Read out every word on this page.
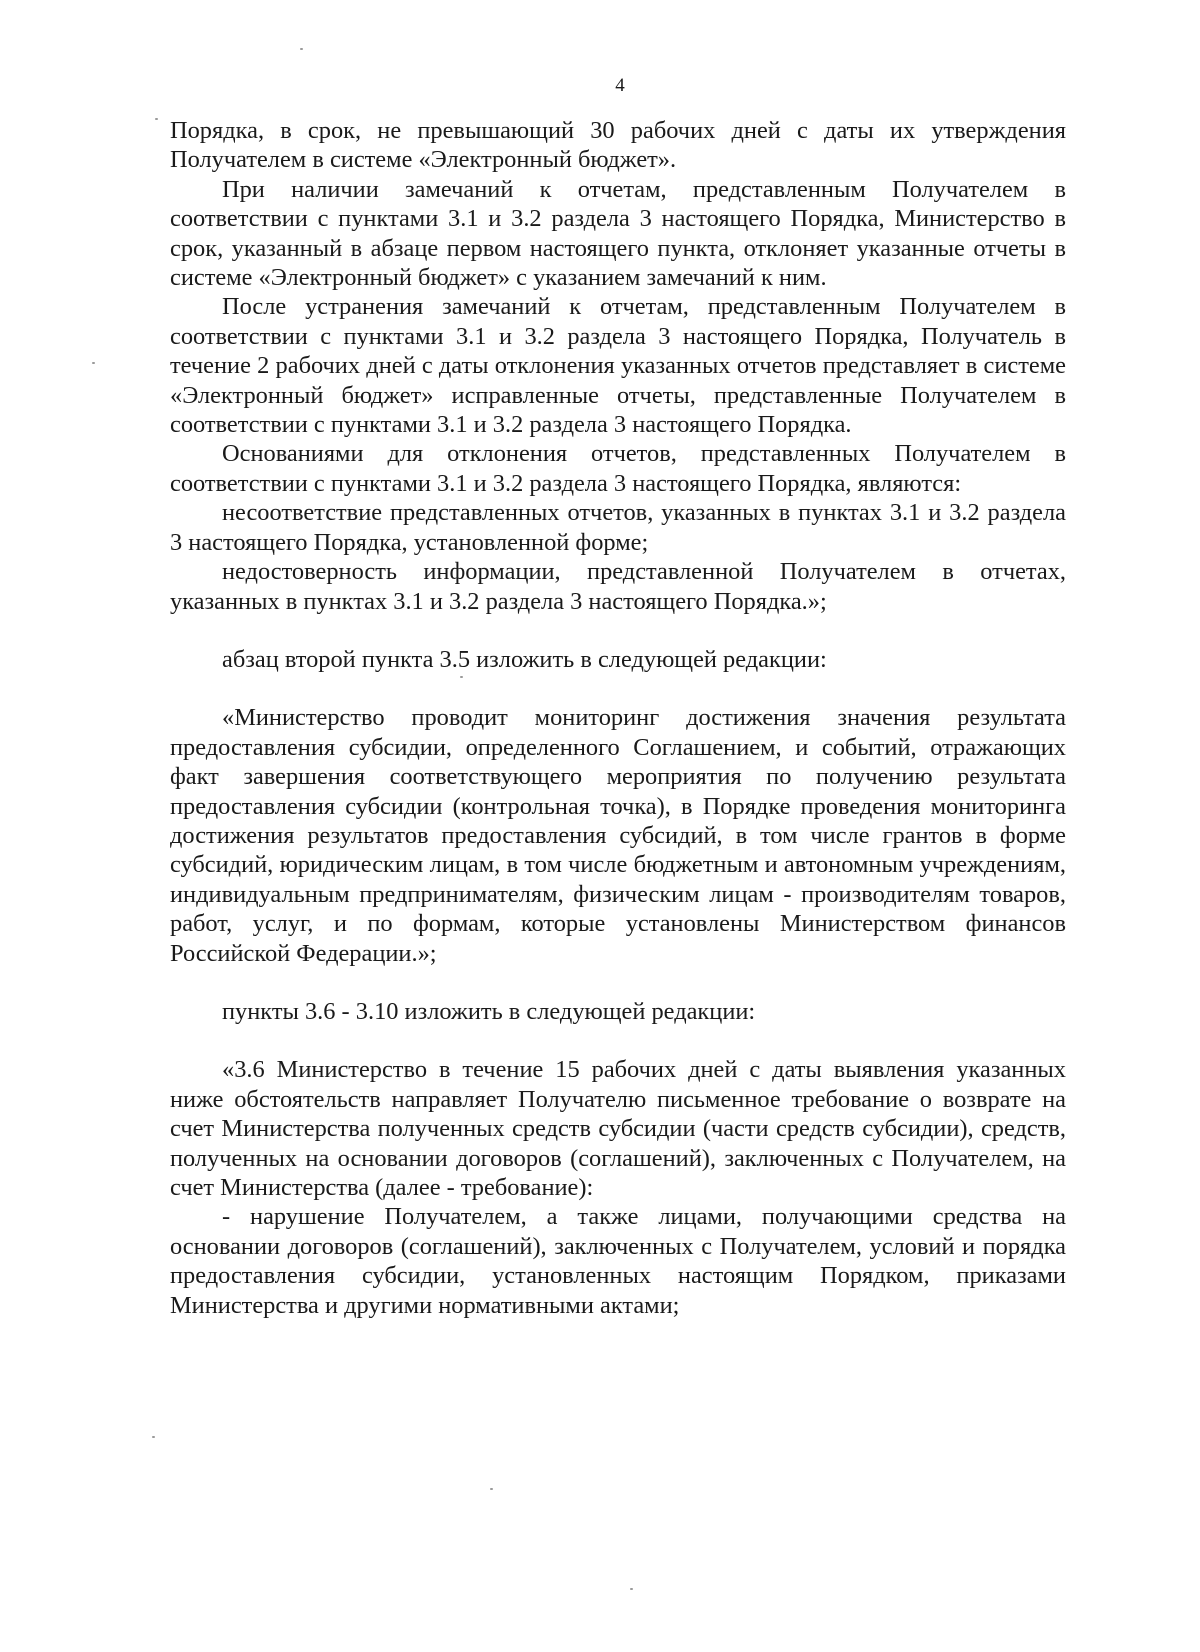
4

Порядка, в срок, не превышающий 30 рабочих дней с даты их утверждения Получателем в системе «Электронный бюджет».

При наличии замечаний к отчетам, представленным Получателем в соответствии с пунктами 3.1 и 3.2 раздела 3 настоящего Порядка, Министерство в срок, указанный в абзаце первом настоящего пункта, отклоняет указанные отчеты в системе «Электронный бюджет» с указанием замечаний к ним.

После устранения замечаний к отчетам, представленным Получателем в соответствии с пунктами 3.1 и 3.2 раздела 3 настоящего Порядка, Получатель в течение 2 рабочих дней с даты отклонения указанных отчетов представляет в системе «Электронный бюджет» исправленные отчеты, представленные Получателем в соответствии с пунктами 3.1 и 3.2 раздела 3 настоящего Порядка.

Основаниями для отклонения отчетов, представленных Получателем в соответствии с пунктами 3.1 и 3.2 раздела 3 настоящего Порядка, являются:

несоответствие представленных отчетов, указанных в пунктах 3.1 и 3.2 раздела 3 настоящего Порядка, установленной форме;

недостоверность информации, представленной Получателем в отчетах, указанных в пунктах 3.1 и 3.2 раздела 3 настоящего Порядка.»;

абзац второй пункта 3.5 изложить в следующей редакции:

«Министерство проводит мониторинг достижения значения результата предоставления субсидии, определенного Соглашением, и событий, отражающих факт завершения соответствующего мероприятия по получению результата предоставления субсидии (контрольная точка), в Порядке проведения мониторинга достижения результатов предоставления субсидий, в том числе грантов в форме субсидий, юридическим лицам, в том числе бюджетным и автономным учреждениям, индивидуальным предпринимателям, физическим лицам - производителям товаров, работ, услуг, и по формам, которые установлены Министерством финансов Российской Федерации.»;

пункты 3.6 - 3.10 изложить в следующей редакции:

«3.6 Министерство в течение 15 рабочих дней с даты выявления указанных ниже обстоятельств направляет Получателю письменное требование о возврате на счет Министерства полученных средств субсидии (части средств субсидии), средств, полученных на основании договоров (соглашений), заключенных с Получателем, на счет Министерства (далее - требование):

- нарушение Получателем, а также лицами, получающими средства на основании договоров (соглашений), заключенных с Получателем, условий и порядка предоставления субсидии, установленных настоящим Порядком, приказами Министерства и другими нормативными актами;
